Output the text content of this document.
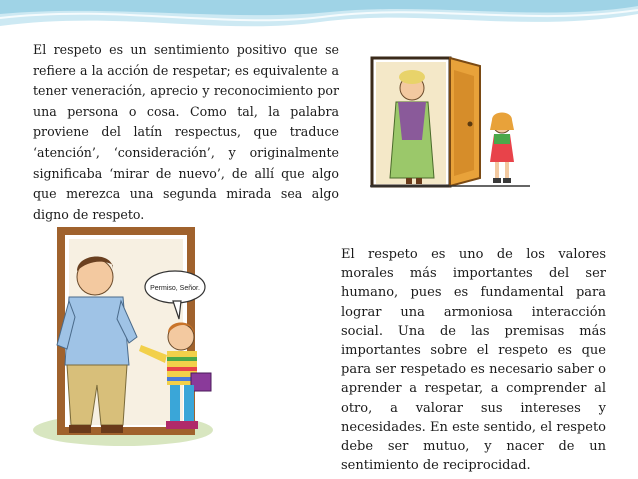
El respeto es un sentimiento positivo que se refiere a la acción de respetar; es equivalente a tener veneración, aprecio y reconocimiento por una persona o cosa. Como tal, la palabra proviene del latín respectus, que traduce ‘atención’, ‘consideración’, y originalmente significaba ‘mirar de nuevo’, de allí que algo que merezca una segunda mirada sea algo digno de respeto.

Permiso, Señor.

El respeto es uno de los valores morales más importantes del ser humano, pues es fundamental para lograr una armoniosa interacción social. Una de las premisas más importantes sobre el respeto es que para ser respetado es necesario saber o aprender a respetar, a comprender al otro, a valorar sus intereses y necesidades. En este sentido, el respeto debe ser mutuo, y nacer de un sentimiento de reciprocidad.
